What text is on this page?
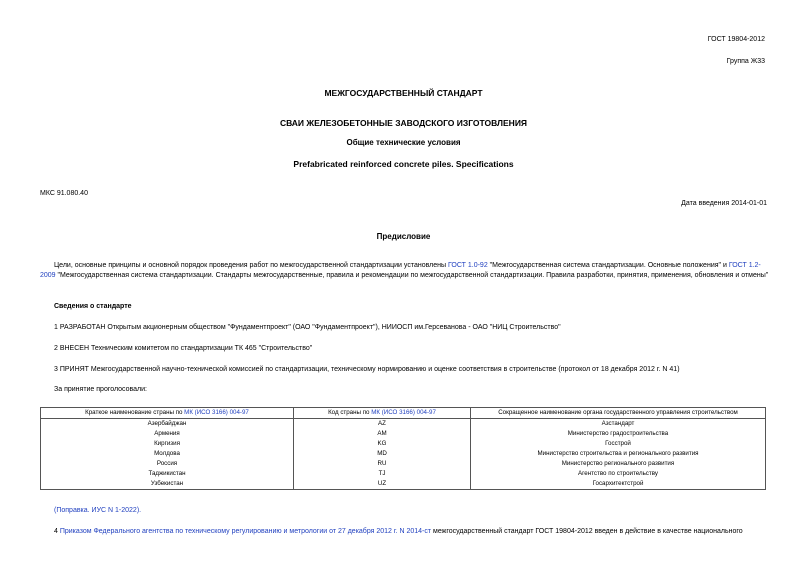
ГОСТ 19804-2012
Группа Ж33
МЕЖГОСУДАРСТВЕННЫЙ СТАНДАРТ
СВАИ ЖЕЛЕЗОБЕТОННЫЕ ЗАВОДСКОГО ИЗГОТОВЛЕНИЯ
Общие технические условия
Prefabricated reinforced concrete piles. Specifications
МКС 91.080.40
Дата введения 2014-01-01
Предисловие
Цели, основные принципы и основной порядок проведения работ по межгосударственной стандартизации установлены ГОСТ 1.0-92 "Межгосударственная система стандартизации. Основные положения" и ГОСТ 1.2-2009 "Межгосударственная система стандартизации. Стандарты межгосударственные, правила и рекомендации по межгосударственной стандартизации. Правила разработки, принятия, применения, обновления и отмены"
Сведения о стандарте
1 РАЗРАБОТАН Открытым акционерным обществом "Фундаментпроект" (ОАО "Фундаментпроект"), НИИОСП им.Герсеванова - ОАО "НИЦ Строительство"
2 ВНЕСЕН Техническим комитетом по стандартизации ТК 465 "Строительство"
3 ПРИНЯТ Межгосударственной научно-технической комиссией по стандартизации, техническому нормированию и оценке соответствия в строительстве (протокол от 18 декабря 2012 г. N 41)
За принятие проголосовали:
Краткое наименование страны по МК (ИСО 3166) 004-97	Код страны по МК (ИСО 3166) 004-97	Сокращенное наименование органа государственного управления строительством
Азербайджан	AZ	Азстандарт
Армения	AM	Министерство градостроительства
Киргизия	KG	Госстрой
Молдова	MD	Министерство строительства и регионального развития
Россия	RU	Министерство регионального развития
Таджикистан	TJ	Агентство по строительству
Узбекистан	UZ	Госархитектстрой
(Поправка. ИУС N 1-2022).
4 Приказом Федерального агентства по техническому регулированию и метрологии от 27 декабря 2012 г. N 2014-ст межгосударственный стандарт ГОСТ 19804-2012 введен в действие в качестве национального
